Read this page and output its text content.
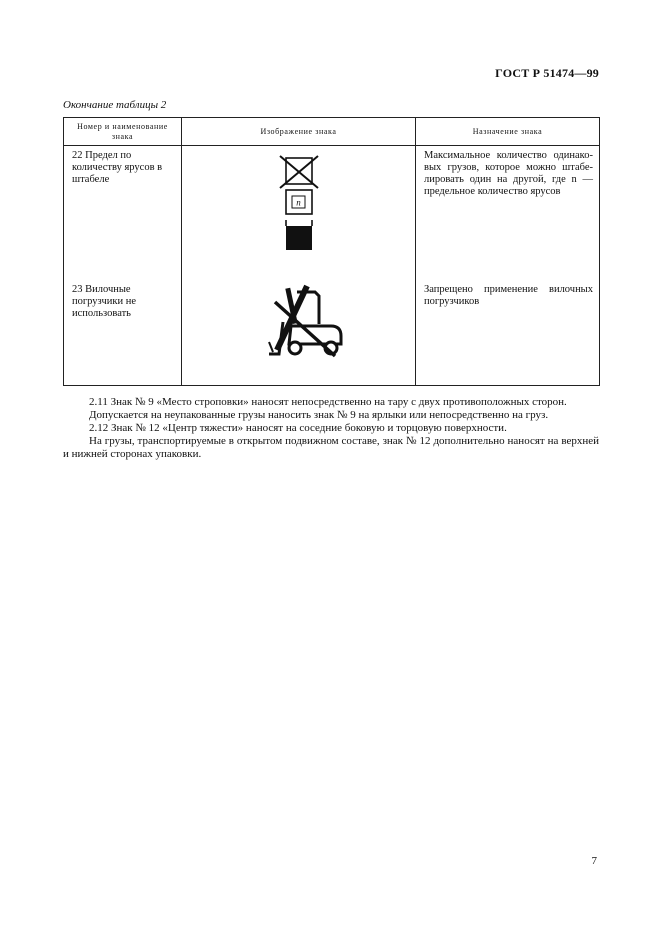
ГОСТ Р 51474—99
Окончание таблицы 2
Номер и наименование знака	Изображение знака	Назначение знака
22 Предел по количеству ярусов в штабеле	n	Максимальное количество одинако-вых грузов, которое можно штабе-лировать один на другой, где n — предельное количество ярусов
23 Вилочные погрузчики не использовать		Запрещено применение вилочных погрузчиков

2.11 Знак № 9 «Место строповки» наносят непосредственно на тару с двух противоположных сторон.

Допускается на неупакованные грузы наносить знак № 9 на ярлыки или непосредственно на груз.

2.12 Знак № 12 «Центр тяжести» наносят на соседние боковую и торцовую поверхности.

На грузы, транспортируемые в открытом подвижном составе, знак № 12 дополнительно наносят на верхней и нижней сторонах упаковки.

7
